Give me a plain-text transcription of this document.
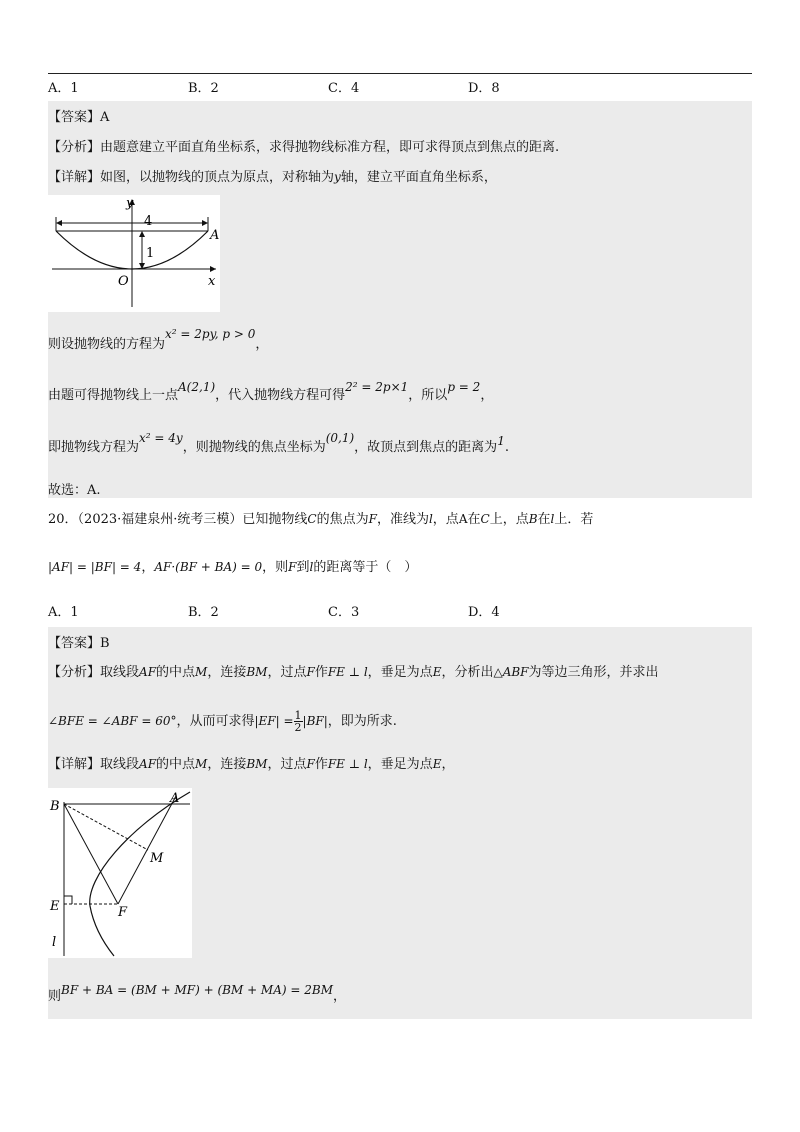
A．1	B．2	C．4	D．8
【答案】A
【分析】由题意建立平面直角坐标系，求得抛物线标准方程，即可求得顶点到焦点的距离.
【详解】如图，以抛物线的顶点为原点，对称轴为y轴，建立平面直角坐标系，
y
x
O
A
4
1
则设抛物线的方程为x² = 2py, p > 0，
由题可得抛物线上一点A(2,1)，代入抛物线方程可得2² = 2p×1，所以p = 2，
即抛物线方程为x² = 4y，则抛物线的焦点坐标为(0,1)，故顶点到焦点的距离为1.
故选：A.
20．（2023·福建泉州·统考三模）已知抛物线C的焦点为F，准线为l，点A在C上，点B在l上．若
|AF| = |BF| = 4，AF·(BF + BA) = 0，则F到l的距离等于（　）
A．1	B．2	C．3	D．4
【答案】B
【分析】取线段AF的中点M，连接BM，过点F作FE ⊥ l，垂足为点E，分析出△ABF为等边三角形，并求出
∠BFE = ∠ABF = 60°，从而可求得$|EF| = \frac{1}{2}|BF|$，即为所求.
【详解】取线段AF的中点M，连接BM，过点F作FE ⊥ l，垂足为点E，
B
A
M
E	F
l
则BF + BA = (BM + MF) + (BM + MA) = 2BM，
